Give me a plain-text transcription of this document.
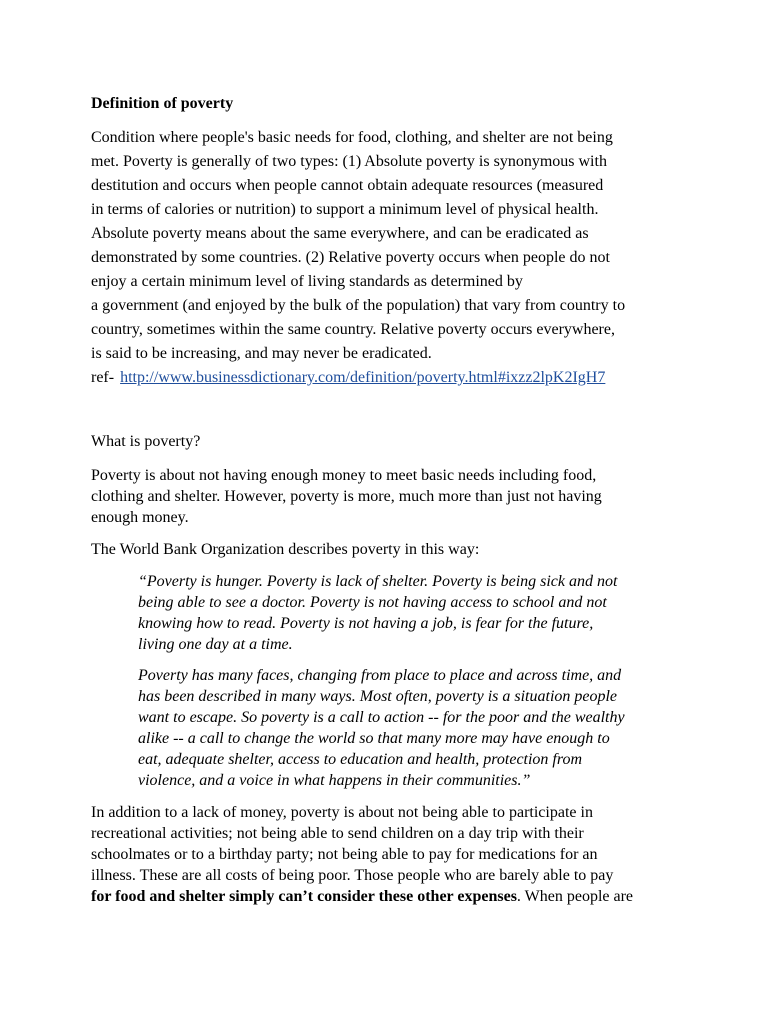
Definition of poverty
Condition where people's basic needs for food, clothing, and shelter are not being
met. Poverty is generally of two types: (1) Absolute poverty is synonymous with
destitution and occurs when people cannot obtain adequate resources (measured
in terms of calories or nutrition) to support a minimum level of physical health.
Absolute poverty means about the same everywhere, and can be eradicated as
demonstrated by some countries. (2) Relative poverty occurs when people do not
enjoy a certain minimum level of living standards as determined by
a government (and enjoyed by the bulk of the population) that vary from country to
country, sometimes within the same country. Relative poverty occurs everywhere,
is said to be increasing, and may never be eradicated.
ref- http://www.businessdictionary.com/definition/poverty.html#ixzz2lpK2IgH7
What is poverty?
Poverty is about not having enough money to meet basic needs including food,
clothing and shelter. However, poverty is more, much more than just not having
enough money.
The World Bank Organization describes poverty in this way:
“Poverty is hunger. Poverty is lack of shelter. Poverty is being sick and not
being able to see a doctor. Poverty is not having access to school and not
knowing how to read. Poverty is not having a job, is fear for the future,
living one day at a time.
Poverty has many faces, changing from place to place and across time, and
has been described in many ways. Most often, poverty is a situation people
want to escape. So poverty is a call to action -- for the poor and the wealthy
alike -- a call to change the world so that many more may have enough to
eat, adequate shelter, access to education and health, protection from
violence, and a voice in what happens in their communities.”
In addition to a lack of money, poverty is about not being able to participate in
recreational activities; not being able to send children on a day trip with their
schoolmates or to a birthday party; not being able to pay for medications for an
illness. These are all costs of being poor. Those people who are barely able to pay
for food and shelter simply can’t consider these other expenses. When people are
